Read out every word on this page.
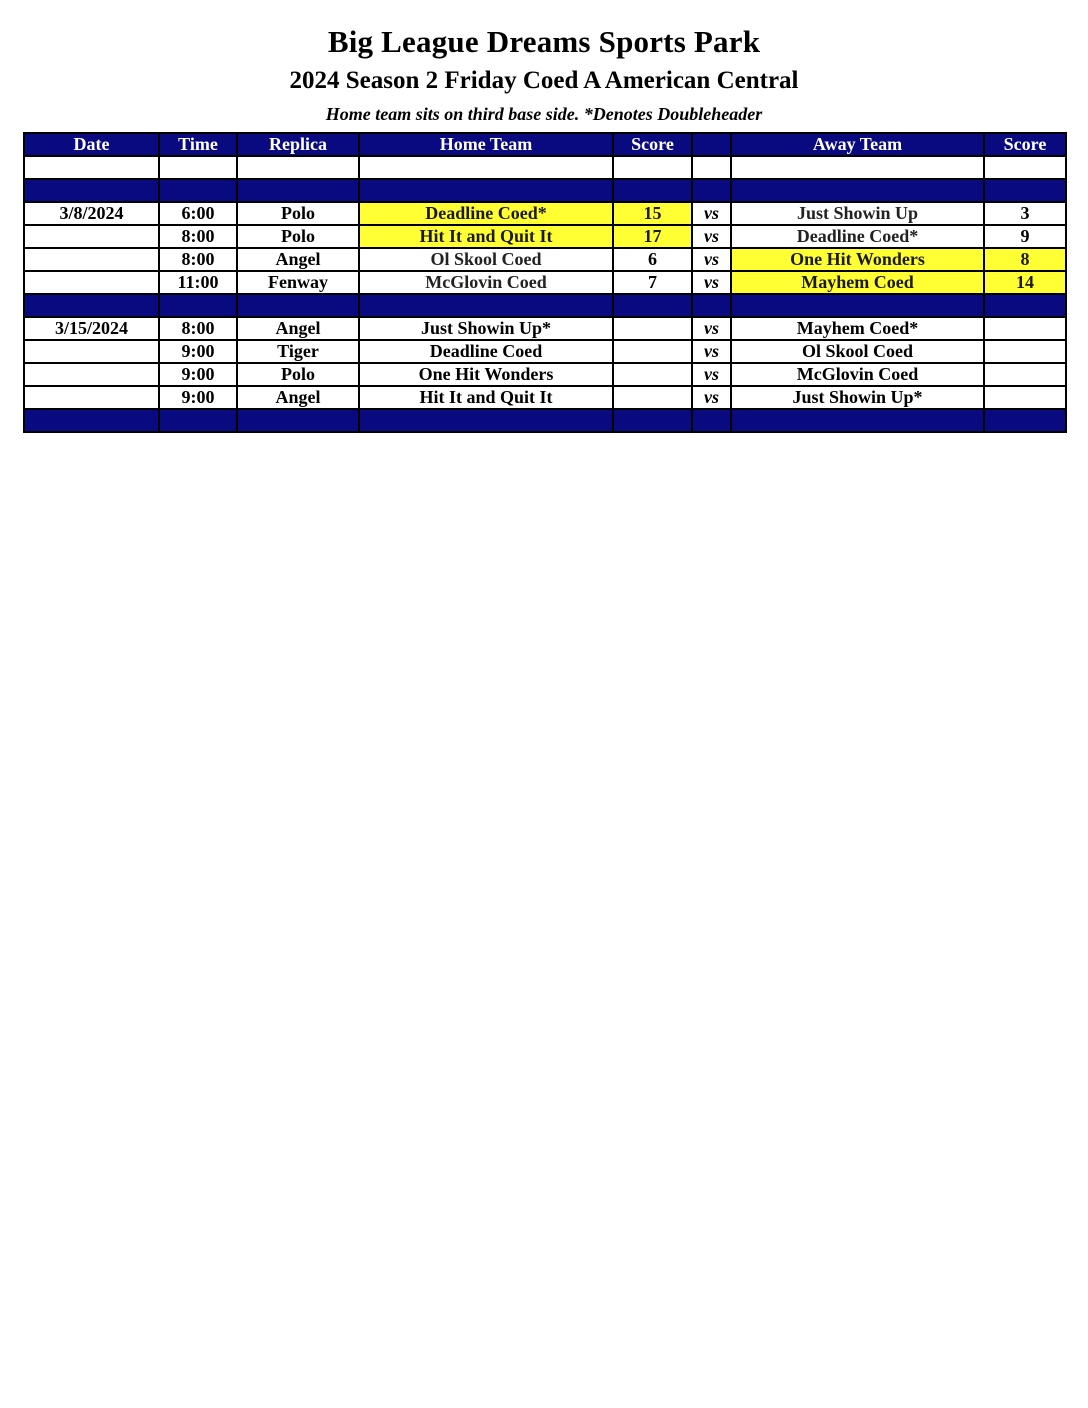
Big League Dreams Sports Park
2024 Season 2 Friday Coed A American Central
Home team sits on third base side. *Denotes Doubleheader
Date	Time	Replica	Home Team	Score		Away Team	Score

3/8/2024	6:00	Polo	Deadline Coed*	15	vs	Just Showin Up	3
	8:00	Polo	Hit It and Quit It	17	vs	Deadline Coed*	9
	8:00	Angel	Ol Skool Coed	6	vs	One Hit Wonders	8
	11:00	Fenway	McGlovin Coed	7	vs	Mayhem Coed	14

3/15/2024	8:00	Angel	Just Showin Up*		vs	Mayhem Coed*	
	9:00	Tiger	Deadline Coed		vs	Ol Skool Coed	
	9:00	Polo	One Hit Wonders		vs	McGlovin Coed	
	9:00	Angel	Hit It and Quit It		vs	Just Showin Up*	
